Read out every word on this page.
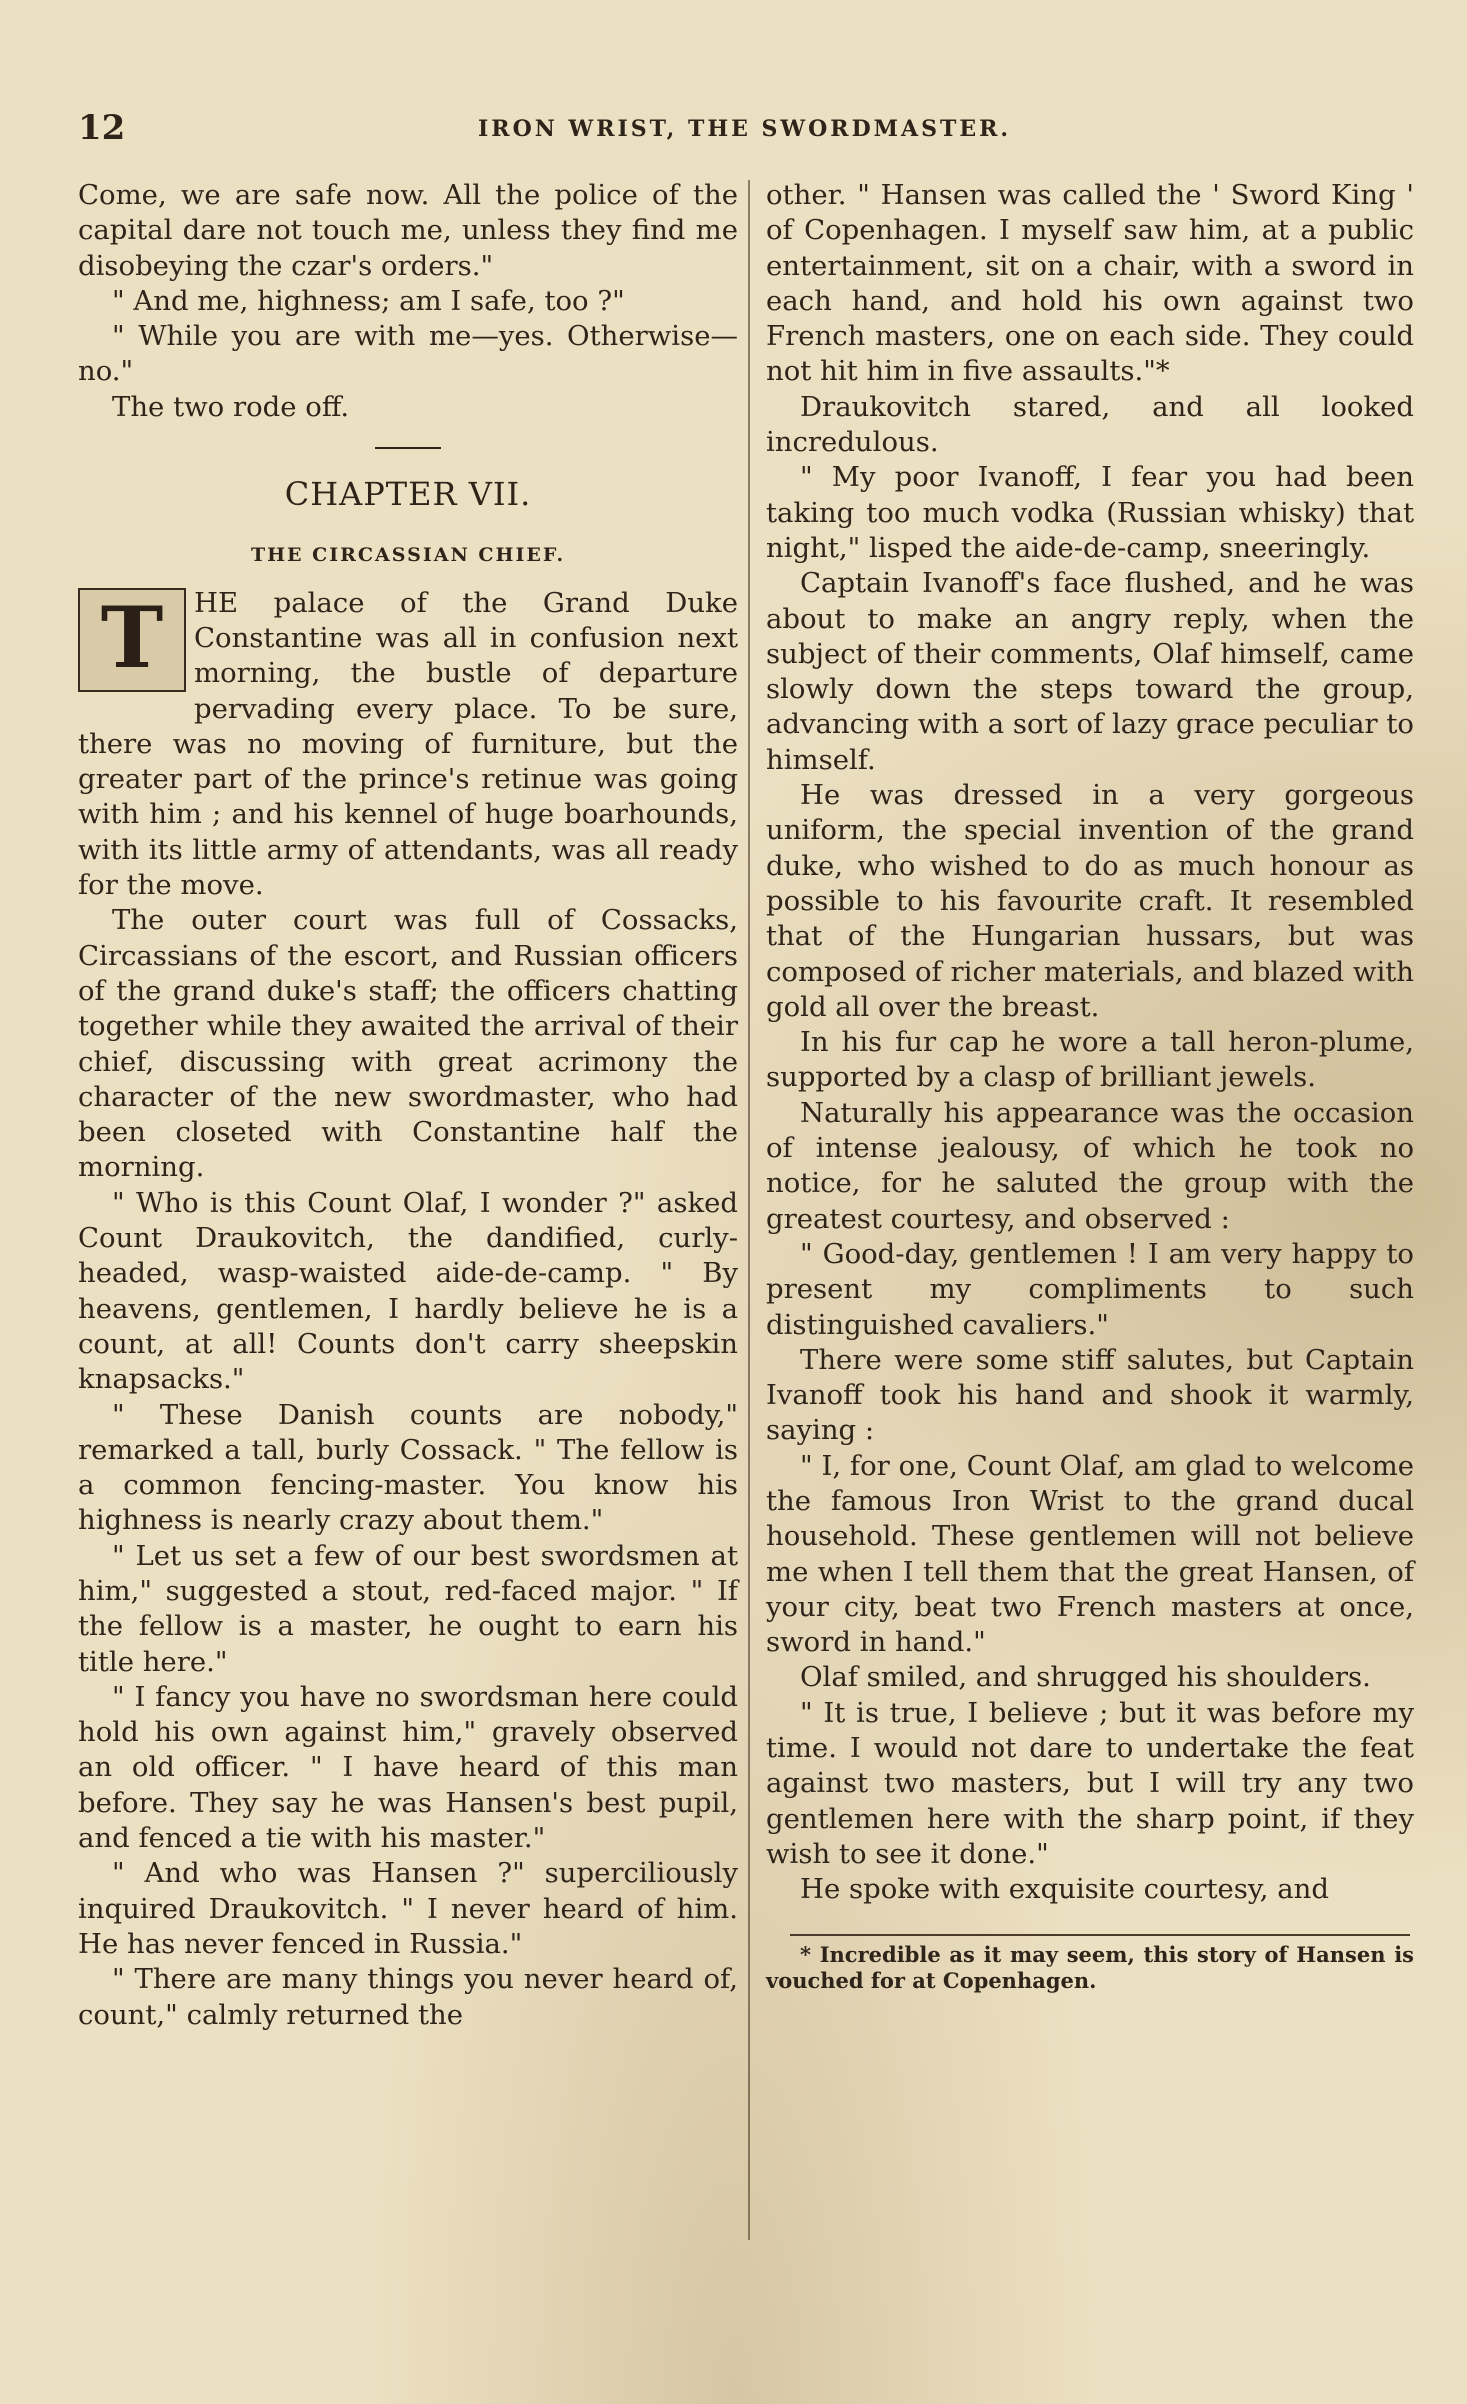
12	IRON WRIST, THE SWORDMASTER.

Come, we are safe now. All the police of the capital dare not touch me, unless they find me disobeying the czar's orders."

" And me, highness; am I safe, too ?"

" While you are with me—yes. Otherwise—no."

The two rode off.

CHAPTER VII.
THE CIRCASSIAN CHIEF.

T	HE palace of the Grand Duke Constantine was all in confusion next morning, the bustle of departure pervading every place. To be sure, there was no moving of furniture, but the greater part of the prince's retinue was going with him ; and his kennel of huge boarhounds, with its little army of attendants, was all ready for the move.

The outer court was full of Cossacks, Circassians of the escort, and Russian officers of the grand duke's staff; the officers chatting together while they awaited the arrival of their chief, discussing with great acrimony the character of the new swordmaster, who had been closeted with Constantine half the morning.

" Who is this Count Olaf, I wonder ?" asked Count Draukovitch, the dandified, curly-headed, wasp-waisted aide-de-camp. " By heavens, gentlemen, I hardly believe he is a count, at all! Counts don't carry sheepskin knapsacks."

" These Danish counts are nobody," remarked a tall, burly Cossack. " The fellow is a common fencing-master. You know his highness is nearly crazy about them."

" Let us set a few of our best swordsmen at him," suggested a stout, red-faced major. " If the fellow is a master, he ought to earn his title here."

" I fancy you have no swordsman here could hold his own against him," gravely observed an old officer. " I have heard of this man before. They say he was Hansen's best pupil, and fenced a tie with his master."

" And who was Hansen ?" superciliously inquired Draukovitch. " I never heard of him. He has never fenced in Russia."

" There are many things you never heard of, count," calmly returned the

other. " Hansen was called the ' Sword King ' of Copenhagen. I myself saw him, at a public entertainment, sit on a chair, with a sword in each hand, and hold his own against two French masters, one on each side. They could not hit him in five assaults."*

Draukovitch stared, and all looked incredulous.

" My poor Ivanoff, I fear you had been taking too much vodka (Russian whisky) that night," lisped the aide-de-camp, sneeringly.

Captain Ivanoff's face flushed, and he was about to make an angry reply, when the subject of their comments, Olaf himself, came slowly down the steps toward the group, advancing with a sort of lazy grace peculiar to himself.

He was dressed in a very gorgeous uniform, the special invention of the grand duke, who wished to do as much honour as possible to his favourite craft. It resembled that of the Hungarian hussars, but was composed of richer materials, and blazed with gold all over the breast.

In his fur cap he wore a tall heron-plume, supported by a clasp of brilliant jewels.

Naturally his appearance was the occasion of intense jealousy, of which he took no notice, for he saluted the group with the greatest courtesy, and observed :

" Good-day, gentlemen ! I am very happy to present my compliments to such distinguished cavaliers."

There were some stiff salutes, but Captain Ivanoff took his hand and shook it warmly, saying :

" I, for one, Count Olaf, am glad to welcome the famous Iron Wrist to the grand ducal household. These gentlemen will not believe me when I tell them that the great Hansen, of your city, beat two French masters at once, sword in hand."

Olaf smiled, and shrugged his shoulders.

" It is true, I believe ; but it was before my time. I would not dare to undertake the feat against two masters, but I will try any two gentlemen here with the sharp point, if they wish to see it done."

He spoke with exquisite courtesy, and

* Incredible as it may seem, this story of Hansen is vouched for at Copenhagen.
